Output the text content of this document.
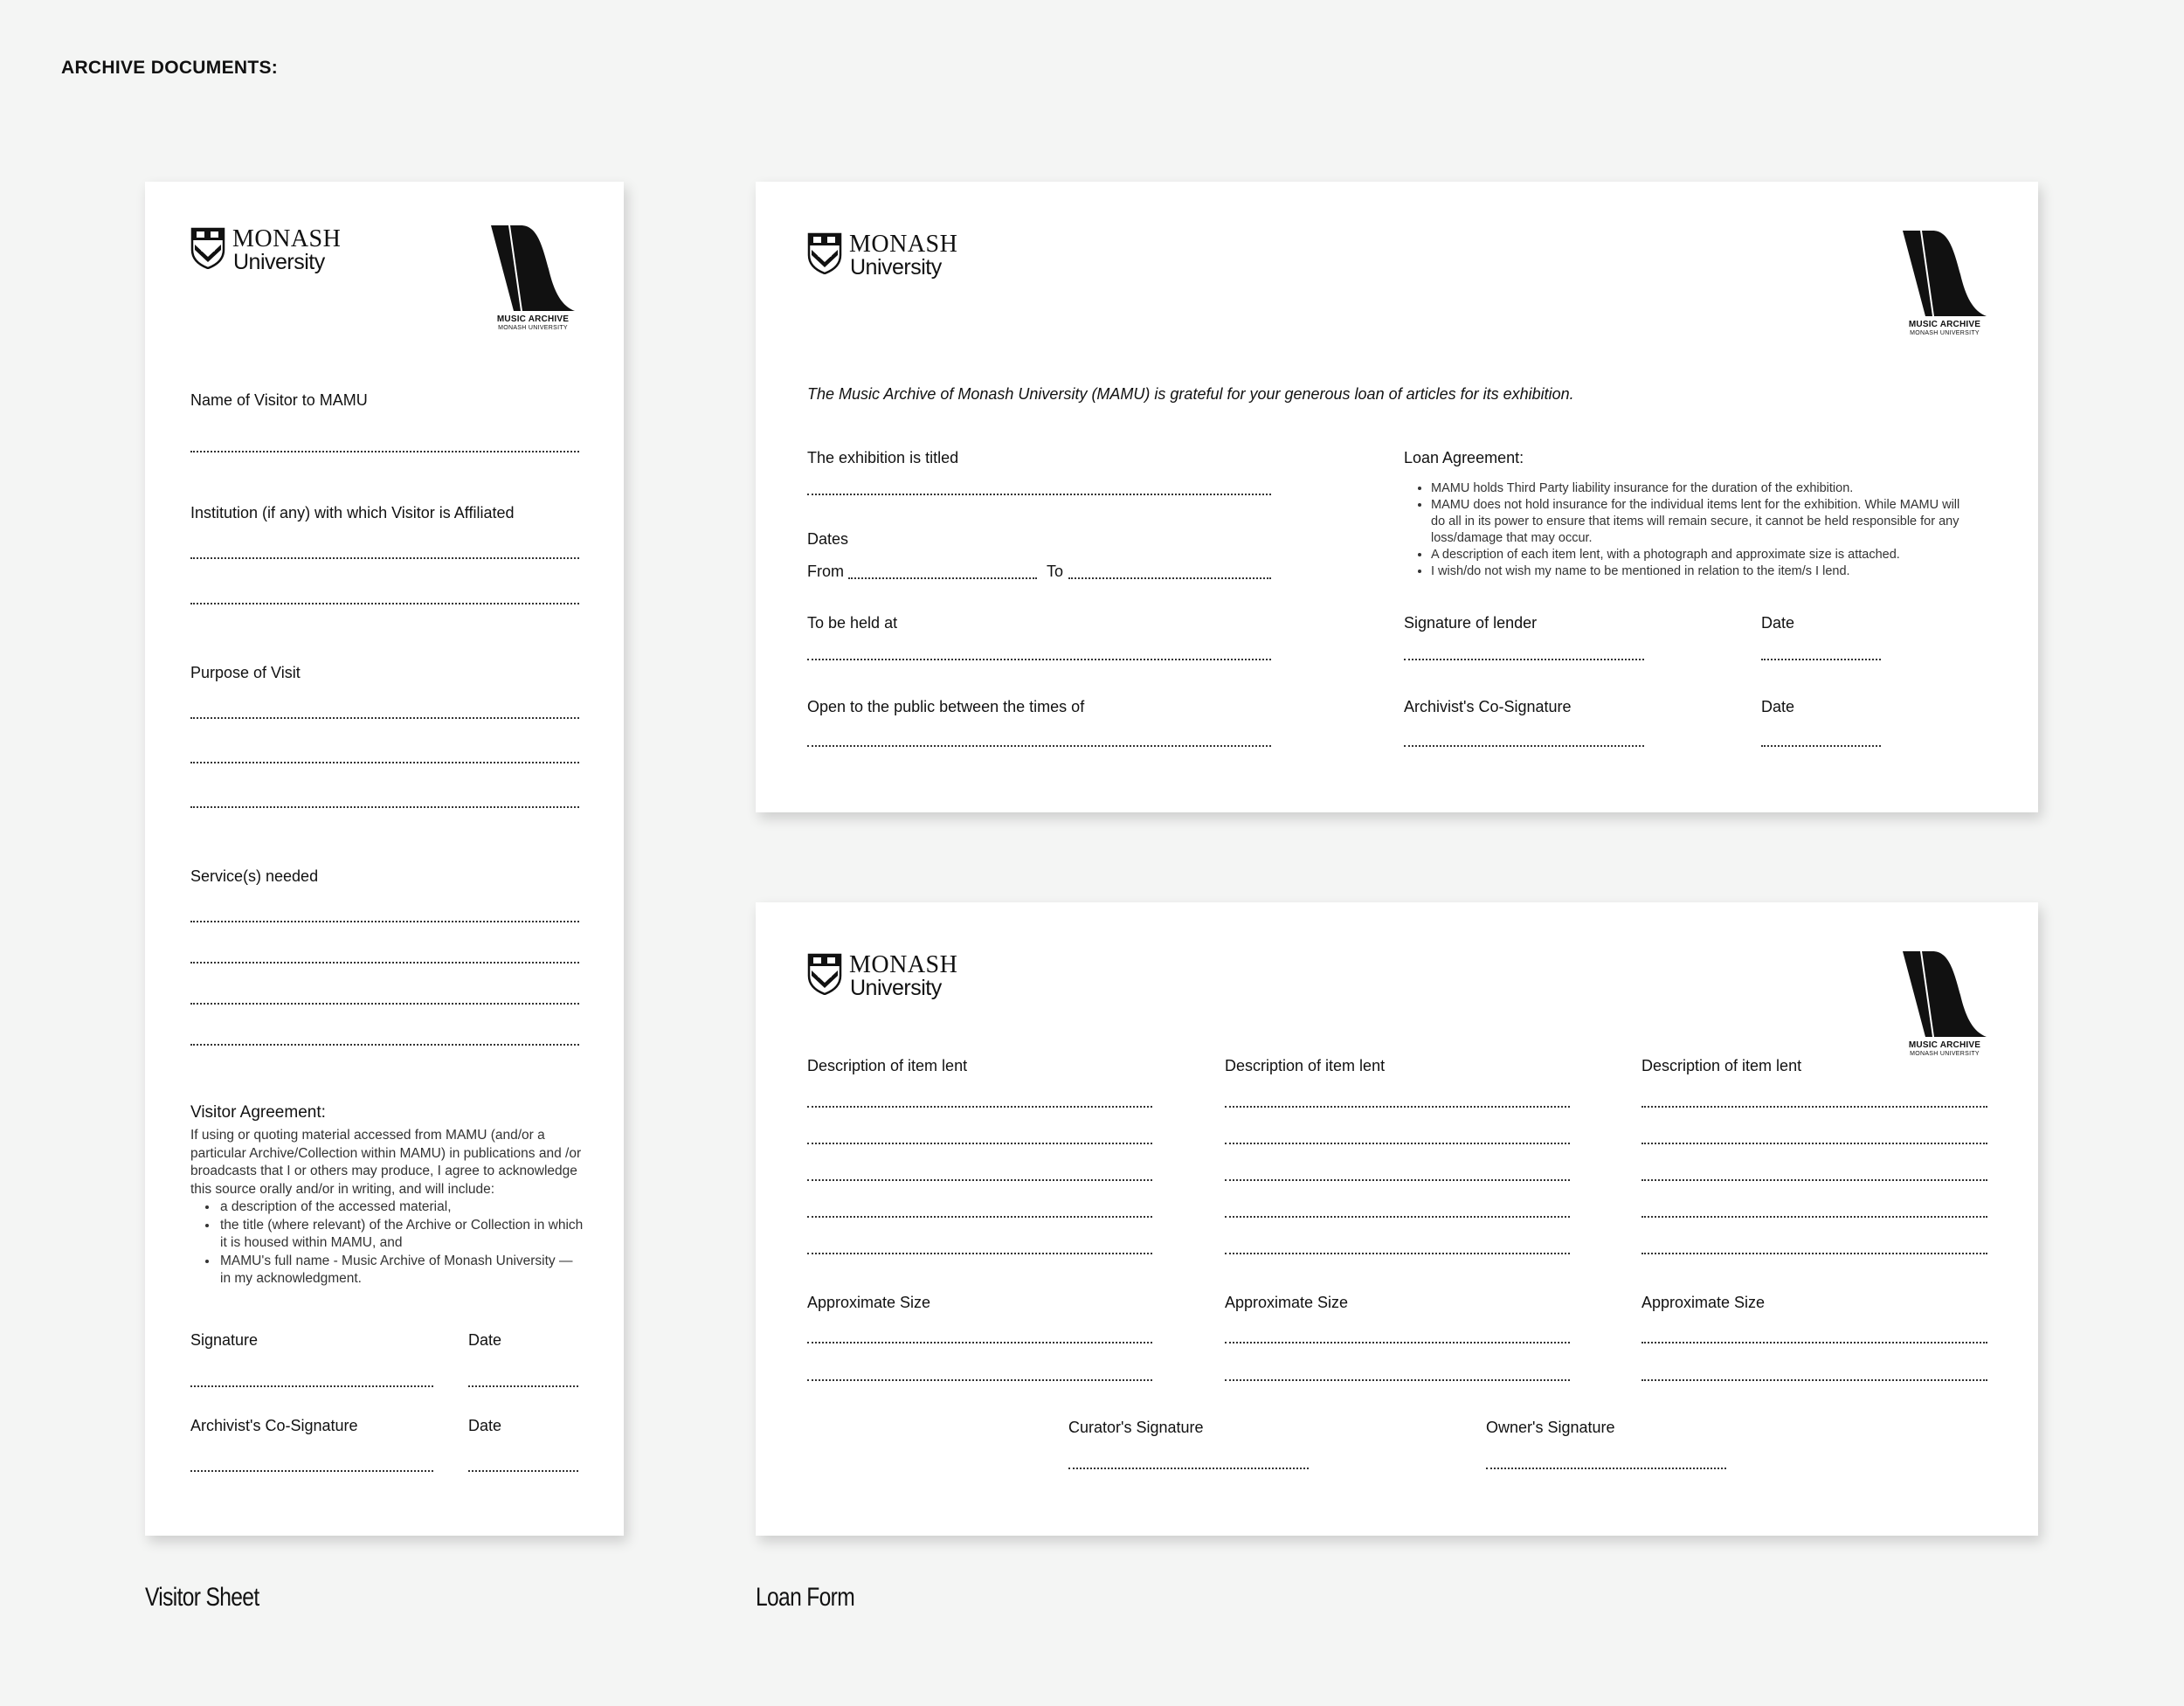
ARCHIVE DOCUMENTS:
MONASH
University
MUSIC ARCHIVE
MONASH UNIVERSITY
Name of Visitor to MAMU
Institution (if any) with which Visitor is Affiliated
Purpose of Visit
Service(s) needed
Visitor Agreement:
If using or quoting material accessed from MAMU (and/or a particular Archive/Collection within MAMU) in publications and /or broadcasts that I or others may produce, I agree to acknowledge this source orally and/or in writing, and will include:
• a description of the accessed material,
• the title (where relevant) of the Archive or Collection in which it is housed within MAMU, and
• MAMU's full name - Music Archive of Monash University — in my acknowledgment.
Signature	Date
Archivist's Co-Signature	Date
MONASH
University
MUSIC ARCHIVE
MONASH UNIVERSITY
The Music Archive of Monash University (MAMU) is grateful for your generous loan of articles for its exhibition.
The exhibition is titled
Dates
From	To
To be held at
Open to the public between the times of
Loan Agreement:
• MAMU holds Third Party liability insurance for the duration of the exhibition.
• MAMU does not hold insurance for the individual items lent for the exhibition. While MAMU will do all in its power to ensure that items will remain secure, it cannot be held responsible for any loss/damage that may occur.
• A description of each item lent, with a photograph and approximate size is attached.
• I wish/do not wish my name to be mentioned in relation to the item/s I lend.
Signature of lender	Date
Archivist's Co-Signature	Date
MONASH
University
MUSIC ARCHIVE
MONASH UNIVERSITY
Description of item lent
Approximate Size
Description of item lent
Approximate Size
Description of item lent
Approximate Size
Curator's Signature	Owner's Signature
Visitor Sheet	Loan Form
